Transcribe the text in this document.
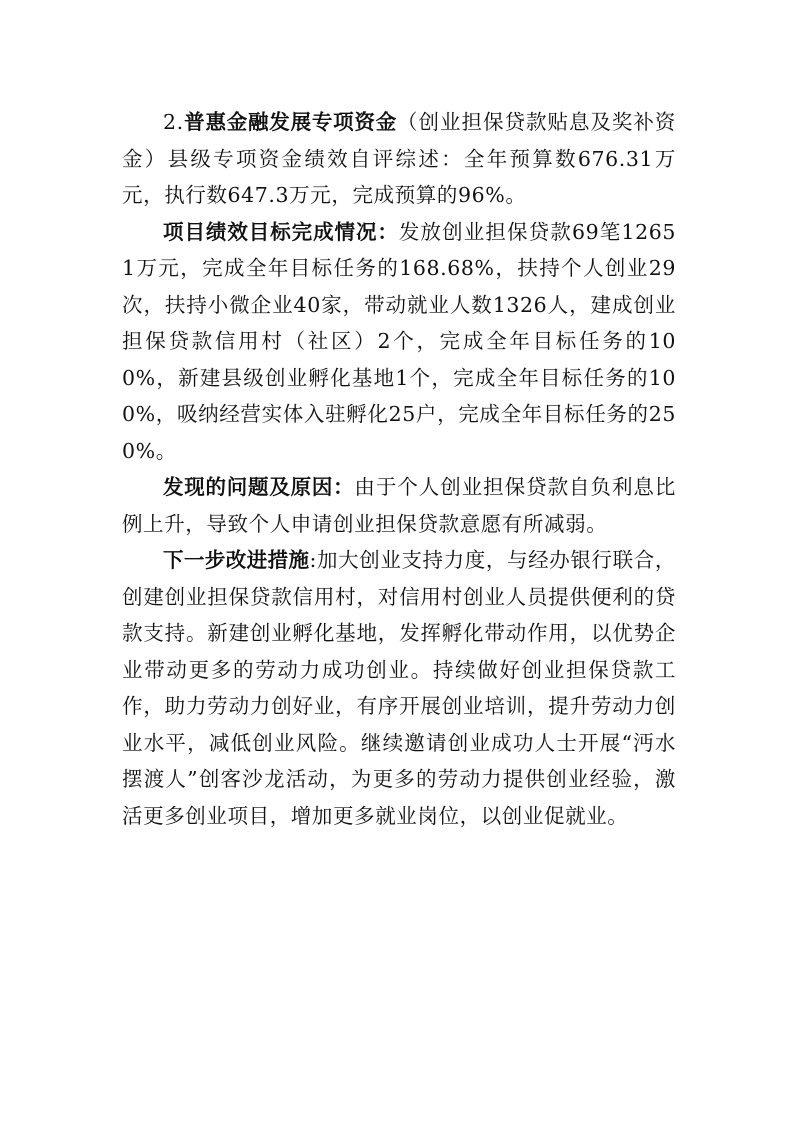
2.普惠金融发展专项资金（创业担保贷款贴息及奖补资金）县级专项资金绩效自评综述：全年预算数676.31万元，执行数647.3万元，完成预算的96%。

项目绩效目标完成情况：发放创业担保贷款69笔12651万元，完成全年目标任务的168.68%，扶持个人创业29次，扶持小微企业40家，带动就业人数1326人，建成创业担保贷款信用村（社区）2个，完成全年目标任务的100%，新建县级创业孵化基地1个，完成全年目标任务的100%，吸纳经营实体入驻孵化25户，完成全年目标任务的250%。

发现的问题及原因：由于个人创业担保贷款自负利息比例上升，导致个人申请创业担保贷款意愿有所减弱。

下一步改进措施:加大创业支持力度，与经办银行联合，创建创业担保贷款信用村，对信用村创业人员提供便利的贷款支持。新建创业孵化基地，发挥孵化带动作用，以优势企业带动更多的劳动力成功创业。持续做好创业担保贷款工作，助力劳动力创好业，有序开展创业培训，提升劳动力创业水平，减低创业风险。继续邀请创业成功人士开展“沔水摆渡人”创客沙龙活动，为更多的劳动力提供创业经验，激活更多创业项目，增加更多就业岗位，以创业促就业。
